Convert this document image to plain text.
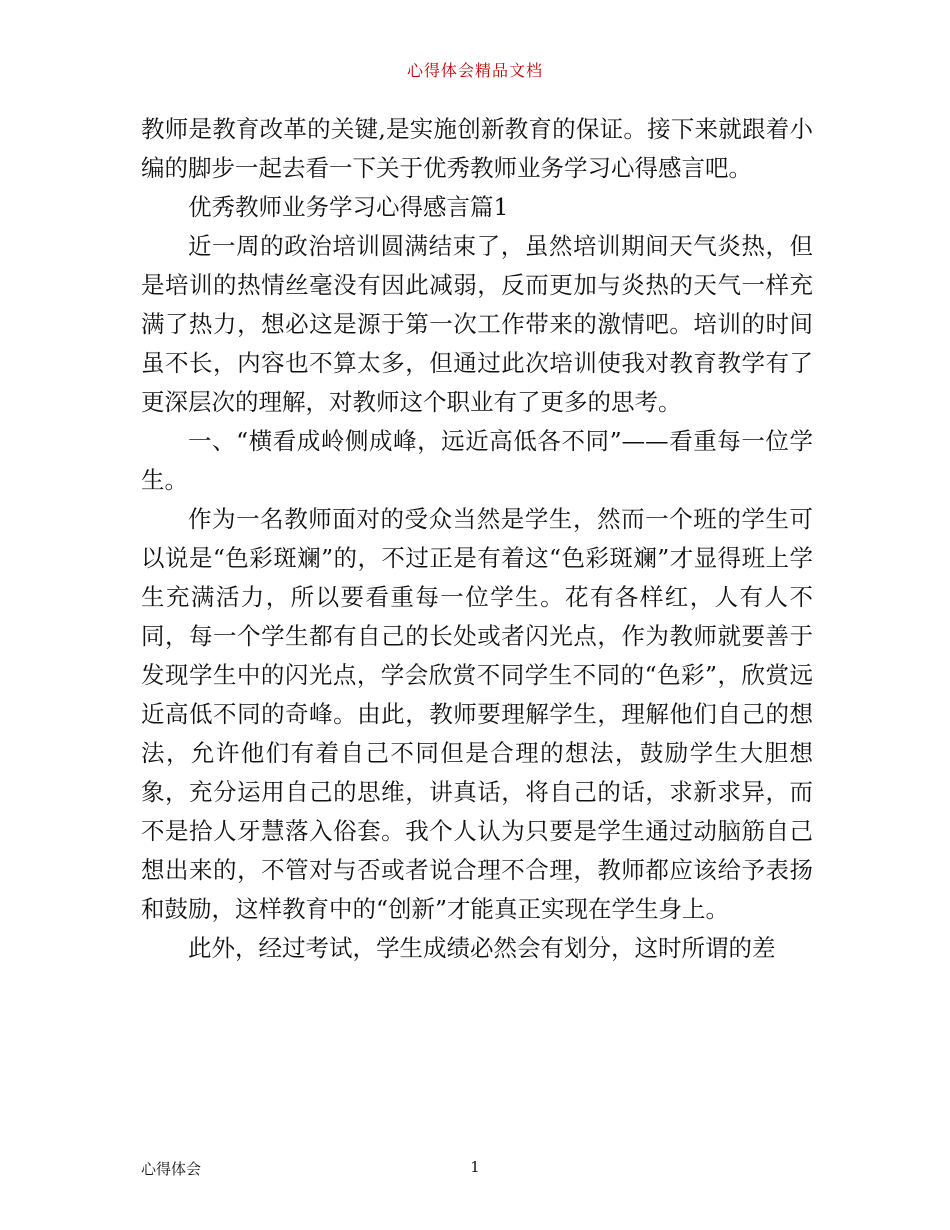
心得体会精品文档

教师是教育改革的关键,是实施创新教育的保证。接下来就跟着小编的脚步一起去看一下关于优秀教师业务学习心得感言吧。

优秀教师业务学习心得感言篇1

近一周的政治培训圆满结束了，虽然培训期间天气炎热，但是培训的热情丝毫没有因此减弱，反而更加与炎热的天气一样充满了热力，想必这是源于第一次工作带来的激情吧。培训的时间虽不长，内容也不算太多，但通过此次培训使我对教育教学有了更深层次的理解，对教师这个职业有了更多的思考。

一、“横看成岭侧成峰，远近高低各不同”——看重每一位学生。

作为一名教师面对的受众当然是学生，然而一个班的学生可以说是“色彩斑斓”的，不过正是有着这“色彩斑斓”才显得班上学生充满活力，所以要看重每一位学生。花有各样红，人有人不同，每一个学生都有自己的长处或者闪光点，作为教师就要善于发现学生中的闪光点，学会欣赏不同学生不同的“色彩”，欣赏远近高低不同的奇峰。由此，教师要理解学生，理解他们自己的想法，允许他们有着自己不同但是合理的想法，鼓励学生大胆想象，充分运用自己的思维，讲真话，将自己的话，求新求异，而不是拾人牙慧落入俗套。我个人认为只要是学生通过动脑筋自己想出来的，不管对与否或者说合理不合理，教师都应该给予表扬和鼓励，这样教育中的“创新”才能真正实现在学生身上。

此外，经过考试，学生成绩必然会有划分，这时所谓的差

心得体会	1
